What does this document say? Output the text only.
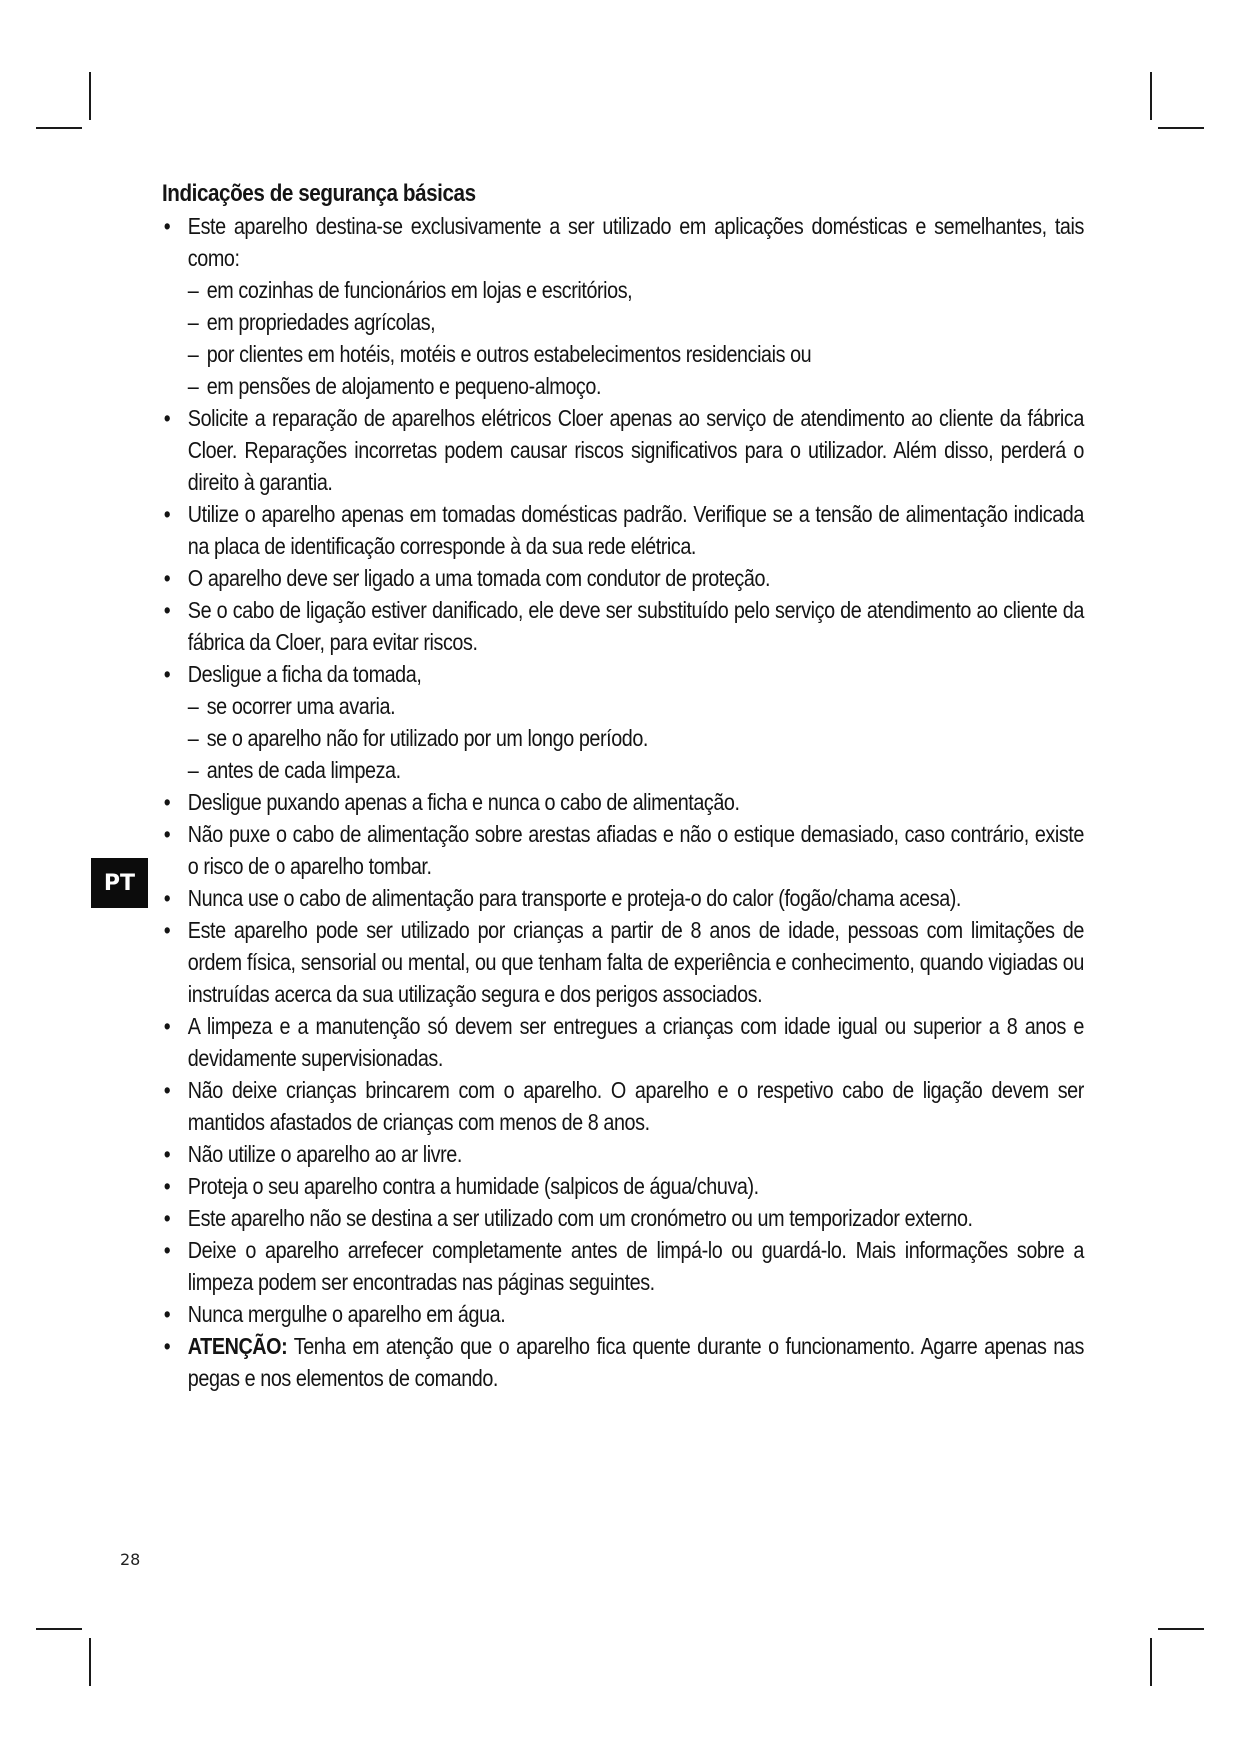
Indicações de segurança básicas
• Este aparelho destina-se exclusivamente a ser utilizado em aplicações domésticas e semelhantes, tais como:
– em cozinhas de funcionários em lojas e escritórios,
– em propriedades agrícolas,
– por clientes em hotéis, motéis e outros estabelecimentos residenciais ou
– em pensões de alojamento e pequeno-almoço.
• Solicite a reparação de aparelhos elétricos Cloer apenas ao serviço de atendimento ao cliente da fábrica Cloer. Reparações incorretas podem causar riscos significativos para o utilizador. Além disso, perderá o direito à garantia.
• Utilize o aparelho apenas em tomadas domésticas padrão. Verifique se a tensão de alimentação indicada na placa de identificação corresponde à da sua rede elétrica.
• O aparelho deve ser ligado a uma tomada com condutor de proteção.
• Se o cabo de ligação estiver danificado, ele deve ser substituído pelo serviço de atendimento ao cliente da fábrica da Cloer, para evitar riscos.
• Desligue a ficha da tomada,
– se ocorrer uma avaria.
– se o aparelho não for utilizado por um longo período.
– antes de cada limpeza.
• Desligue puxando apenas a ficha e nunca o cabo de alimentação.
• Não puxe o cabo de alimentação sobre arestas afiadas e não o estique demasiado, caso contrário, existe o risco de o aparelho tombar.
• Nunca use o cabo de alimentação para transporte e proteja-o do calor (fogão/chama acesa).
• Este aparelho pode ser utilizado por crianças a partir de 8 anos de idade, pessoas com limitações de ordem física, sensorial ou mental, ou que tenham falta de experiência e conhecimento, quando vigiadas ou instruídas acerca da sua utilização segura e dos perigos associados.
• A limpeza e a manutenção só devem ser entregues a crianças com idade igual ou superior a 8 anos e devidamente supervisionadas.
• Não deixe crianças brincarem com o aparelho. O aparelho e o respetivo cabo de ligação devem ser mantidos afastados de crianças com menos de 8 anos.
• Não utilize o aparelho ao ar livre.
• Proteja o seu aparelho contra a humidade (salpicos de água/chuva).
• Este aparelho não se destina a ser utilizado com um cronómetro ou um temporizador externo.
• Deixe o aparelho arrefecer completamente antes de limpá-lo ou guardá-lo. Mais informações sobre a limpeza podem ser encontradas nas páginas seguintes.
• Nunca mergulhe o aparelho em água.
• ATENÇÃO: Tenha em atenção que o aparelho fica quente durante o funcionamento. Agarre apenas nas pegas e nos elementos de comando.
PT
28
